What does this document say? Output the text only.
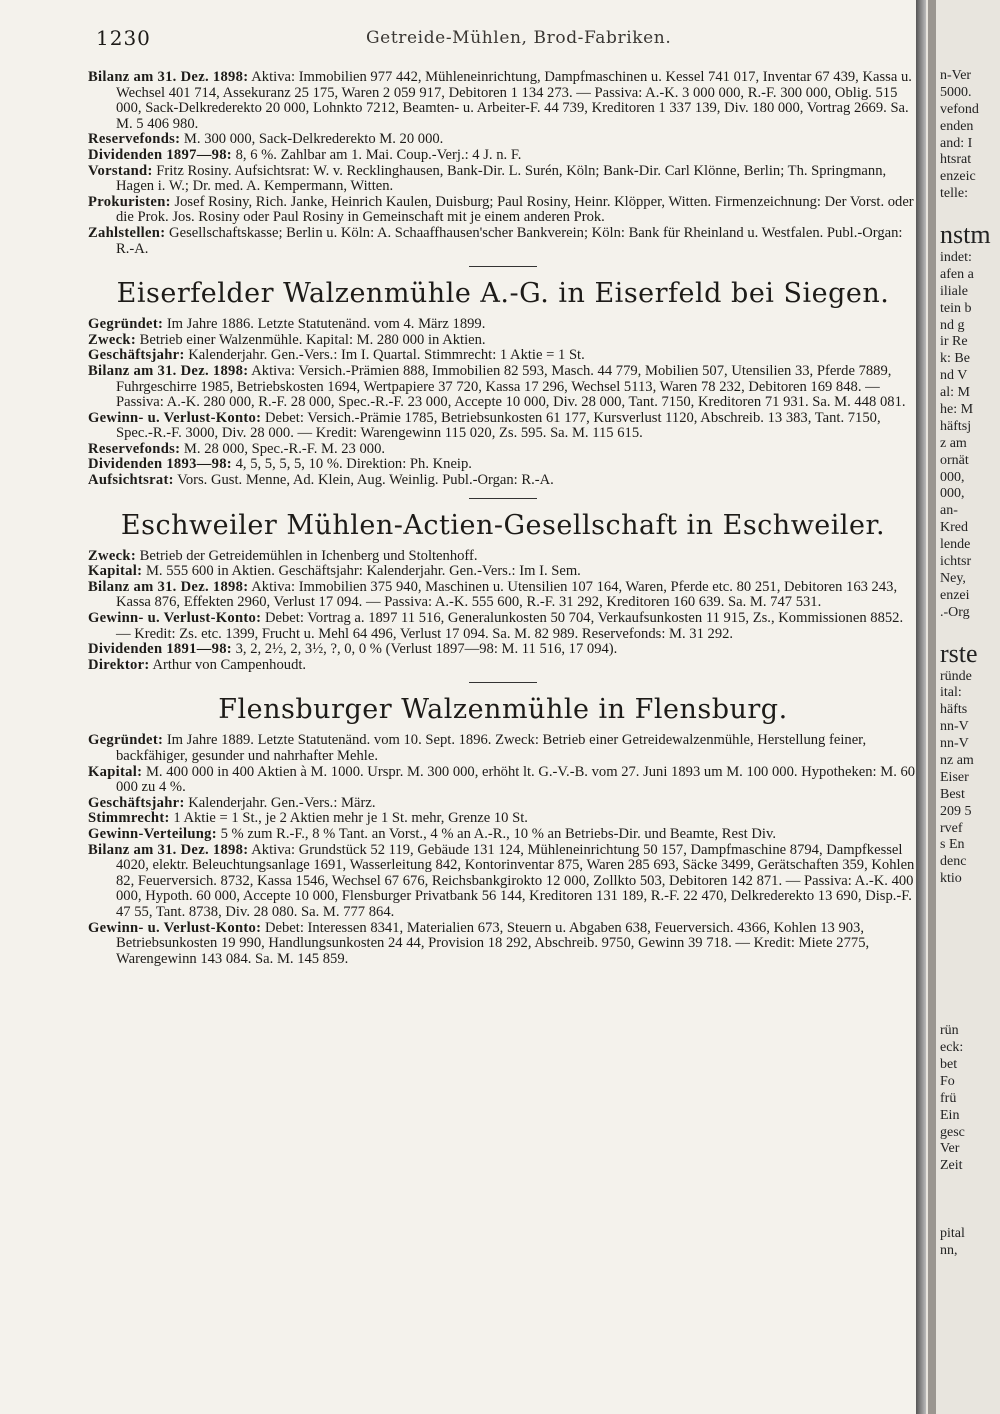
1230	Getreide-Mühlen, Brod-Fabriken.

Bilanz am 31. Dez. 1898: Aktiva: Immobilien 977 442, Mühleneinrichtung, Dampfmaschinen u. Kessel 741 017, Inventar 67 439, Kassa u. Wechsel 401 714, Assekuranz 25 175, Waren 2 059 917, Debitoren 1 134 273. — Passiva: A.-K. 3 000 000, R.-F. 300 000, Oblig. 515 000, Sack-Delkrederekto 20 000, Lohnkto 7212, Beamten- u. Arbeiter-F. 44 739, Kreditoren 1 337 139, Div. 180 000, Vortrag 2669. Sa. M. 5 406 980.

Reservefonds: M. 300 000, Sack-Delkrederekto M. 20 000.

Dividenden 1897—98: 8, 6 %. Zahlbar am 1. Mai. Coup.-Verj.: 4 J. n. F.

Vorstand: Fritz Rosiny. Aufsichtsrat: W. v. Recklinghausen, Bank-Dir. L. Surén, Köln; Bank-Dir. Carl Klönne, Berlin; Th. Springmann, Hagen i. W.; Dr. med. A. Kempermann, Witten.

Prokuristen: Josef Rosiny, Rich. Janke, Heinrich Kaulen, Duisburg; Paul Rosiny, Heinr. Klöpper, Witten. Firmenzeichnung: Der Vorst. oder die Prok. Jos. Rosiny oder Paul Rosiny in Gemeinschaft mit je einem anderen Prok.

Zahlstellen: Gesellschaftskasse; Berlin u. Köln: A. Schaaffhausen'scher Bankverein; Köln: Bank für Rheinland u. Westfalen. Publ.-Organ: R.-A.

Eiserfelder Walzenmühle A.-G. in Eiserfeld bei Siegen.

Gegründet: Im Jahre 1886. Letzte Statutenänd. vom 4. März 1899.

Zweck: Betrieb einer Walzenmühle. Kapital: M. 280 000 in Aktien.

Geschäftsjahr: Kalenderjahr. Gen.-Vers.: Im I. Quartal. Stimmrecht: 1 Aktie = 1 St.

Bilanz am 31. Dez. 1898: Aktiva: Versich.-Prämien 888, Immobilien 82 593, Masch. 44 779, Mobilien 507, Utensilien 33, Pferde 7889, Fuhrgeschirre 1985, Betriebskosten 1694, Wertpapiere 37 720, Kassa 17 296, Wechsel 5113, Waren 78 232, Debitoren 169 848. — Passiva: A.-K. 280 000, R.-F. 28 000, Spec.-R.-F. 23 000, Accepte 10 000, Div. 28 000, Tant. 7150, Kreditoren 71 931. Sa. M. 448 081.

Gewinn- u. Verlust-Konto: Debet: Versich.-Prämie 1785, Betriebsunkosten 61 177, Kursverlust 1120, Abschreib. 13 383, Tant. 7150, Spec.-R.-F. 3000, Div. 28 000. — Kredit: Warengewinn 115 020, Zs. 595. Sa. M. 115 615.

Reservefonds: M. 28 000, Spec.-R.-F. M. 23 000.

Dividenden 1893—98: 4, 5, 5, 5, 5, 10 %. Direktion: Ph. Kneip.

Aufsichtsrat: Vors. Gust. Menne, Ad. Klein, Aug. Weinlig. Publ.-Organ: R.-A.

Eschweiler Mühlen-Actien-Gesellschaft in Eschweiler.

Zweck: Betrieb der Getreidemühlen in Ichenberg und Stoltenhoff.

Kapital: M. 555 600 in Aktien. Geschäftsjahr: Kalenderjahr. Gen.-Vers.: Im I. Sem.

Bilanz am 31. Dez. 1898: Aktiva: Immobilien 375 940, Maschinen u. Utensilien 107 164, Waren, Pferde etc. 80 251, Debitoren 163 243, Kassa 876, Effekten 2960, Verlust 17 094. — Passiva: A.-K. 555 600, R.-F. 31 292, Kreditoren 160 639. Sa. M. 747 531.

Gewinn- u. Verlust-Konto: Debet: Vortrag a. 1897 11 516, Generalunkosten 50 704, Verkaufsunkosten 11 915, Zs., Kommissionen 8852. — Kredit: Zs. etc. 1399, Frucht u. Mehl 64 496, Verlust 17 094. Sa. M. 82 989. Reservefonds: M. 31 292.

Dividenden 1891—98: 3, 2, 2½, 2, 3½, ?, 0, 0 % (Verlust 1897—98: M. 11 516, 17 094).

Direktor: Arthur von Campenhoudt.

Flensburger Walzenmühle in Flensburg.

Gegründet: Im Jahre 1889. Letzte Statutenänd. vom 10. Sept. 1896. Zweck: Betrieb einer Getreidewalzenmühle, Herstellung feiner, backfähiger, gesunder und nahrhafter Mehle.

Kapital: M. 400 000 in 400 Aktien à M. 1000. Urspr. M. 300 000, erhöht lt. G.-V.-B. vom 27. Juni 1893 um M. 100 000. Hypotheken: M. 60 000 zu 4 %.

Geschäftsjahr: Kalenderjahr. Gen.-Vers.: März.

Stimmrecht: 1 Aktie = 1 St., je 2 Aktien mehr je 1 St. mehr, Grenze 10 St.

Gewinn-Verteilung: 5 % zum R.-F., 8 % Tant. an Vorst., 4 % an A.-R., 10 % an Betriebs-Dir. und Beamte, Rest Div.

Bilanz am 31. Dez. 1898: Aktiva: Grundstück 52 119, Gebäude 131 124, Mühleneinrichtung 50 157, Dampfmaschine 8794, Dampfkessel 4020, elektr. Beleuchtungsanlage 1691, Wasserleitung 842, Kontorinventar 875, Waren 285 693, Säcke 3499, Gerätschaften 359, Kohlen 82, Feuerversich. 8732, Kassa 1546, Wechsel 67 676, Reichsbankgirokto 12 000, Zollkto 503, Debitoren 142 871. — Passiva: A.-K. 400 000, Hypoth. 60 000, Accepte 10 000, Flensburger Privatbank 56 144, Kreditoren 131 189, R.-F. 22 470, Delkrederekto 13 690, Disp.-F. 47 55, Tant. 8738, Div. 28 080. Sa. M. 777 864.

Gewinn- u. Verlust-Konto: Debet: Interessen 8341, Materialien 673, Steuern u. Abgaben 638, Feuerversich. 4366, Kohlen 13 903, Betriebsunkosten 19 990, Handlungsunkosten 24 44, Provision 18 292, Abschreib. 9750, Gewinn 39 718. — Kredit: Miete 2775, Warengewinn 143 084. Sa. M. 145 859.

n-Ver
5000.
vefond
enden
and: I
htsrat
enzeic
telle:
nstm
indet:
afen a
iliale
tein b
nd g
ir Re
k: Be
nd V
al: M
he: M
häftsj
z am
ornät
000,
000,
an-
Kred
lende
ichtsr
Ney,
enzei
.-Org
rste
ründe
ital:
häfts
nn-V
nn-V
nz am
Eiser
Best
209 5
rvef
s En
denc
ktio
rün
eck:
bet
Fo
frü
Ein
gesc
Ver
Zeit
pital
nn,
